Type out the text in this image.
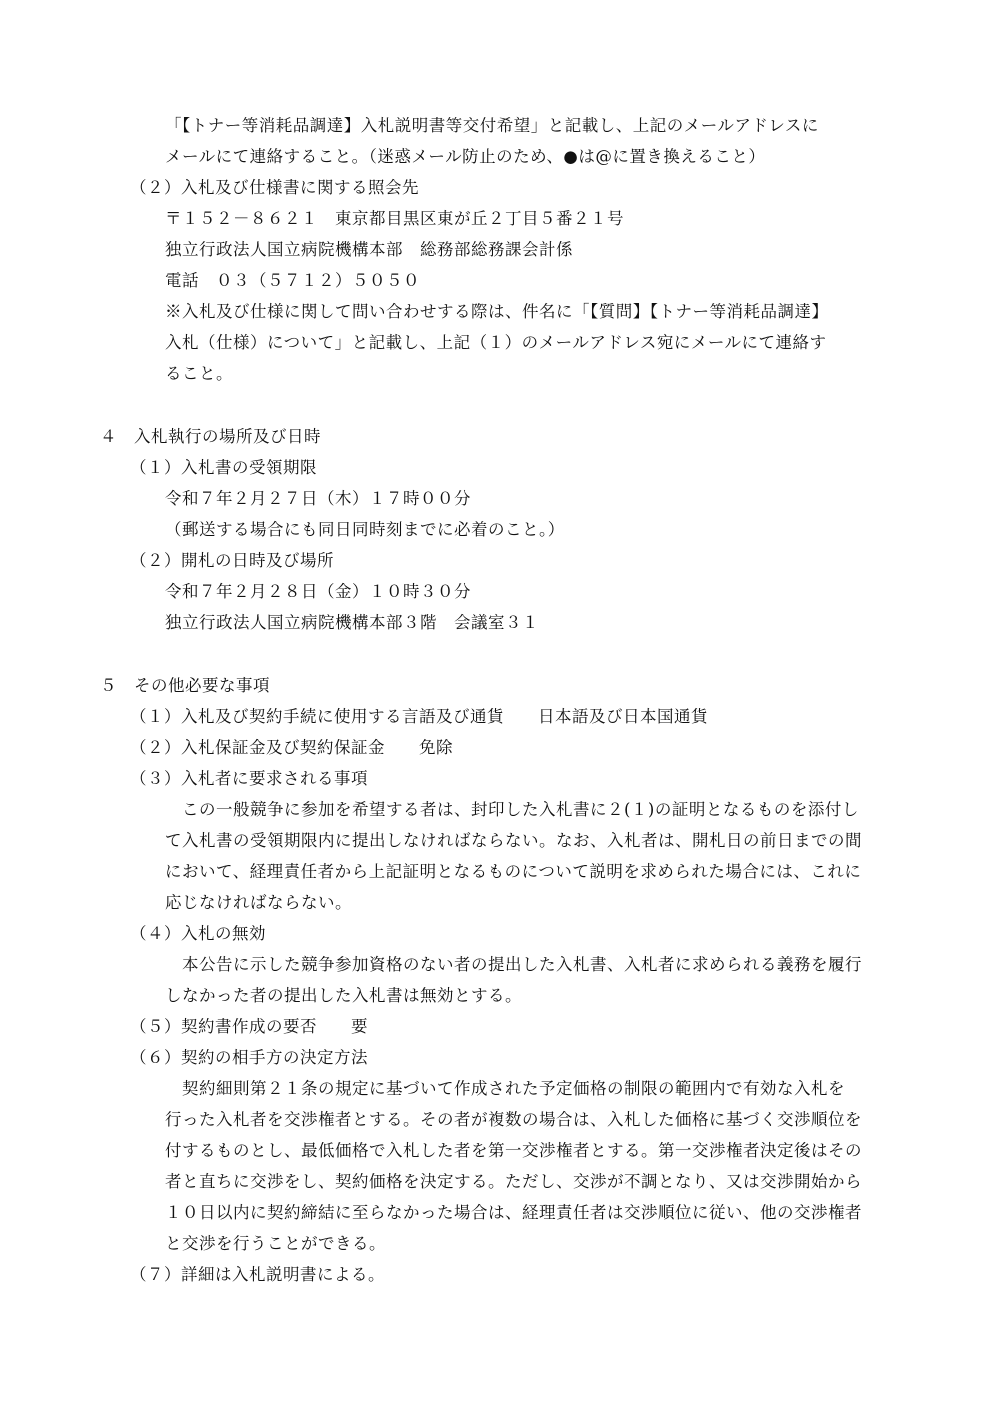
「【トナー等消耗品調達】入札説明書等交付希望」と記載し、上記のメールアドレスに
メールにて連絡すること。（迷惑メール防止のため、●は@に置き換えること）
（２）入札及び仕様書に関する照会先
〒１５２－８６２１　東京都目黒区東が丘２丁目５番２１号
独立行政法人国立病院機構本部　総務部総務課会計係
電話　０３（５７１２）５０５０
※入札及び仕様に関して問い合わせする際は、件名に「【質問】【トナー等消耗品調達】
入札（仕様）について」と記載し、上記（１）のメールアドレス宛にメールにて連絡す
ること。
４　入札執行の場所及び日時
（１）入札書の受領期限
令和７年２月２７日（木）１７時００分
（郵送する場合にも同日同時刻までに必着のこと。）
（２）開札の日時及び場所
令和７年２月２８日（金）１０時３０分
独立行政法人国立病院機構本部３階　会議室３１
５　その他必要な事項
（１）入札及び契約手続に使用する言語及び通貨　　日本語及び日本国通貨
（２）入札保証金及び契約保証金　　免除
（３）入札者に要求される事項
　この一般競争に参加を希望する者は、封印した入札書に２(１)の証明となるものを添付し
て入札書の受領期限内に提出しなければならない。なお、入札者は、開札日の前日までの間
において、経理責任者から上記証明となるものについて説明を求められた場合には、これに
応じなければならない。
（４）入札の無効
　本公告に示した競争参加資格のない者の提出した入札書、入札者に求められる義務を履行
しなかった者の提出した入札書は無効とする。
（５）契約書作成の要否　　要
（６）契約の相手方の決定方法
　契約細則第２１条の規定に基づいて作成された予定価格の制限の範囲内で有効な入札を
行った入札者を交渉権者とする。その者が複数の場合は、入札した価格に基づく交渉順位を
付するものとし、最低価格で入札した者を第一交渉権者とする。第一交渉権者決定後はその
者と直ちに交渉をし、契約価格を決定する。ただし、交渉が不調となり、又は交渉開始から
１０日以内に契約締結に至らなかった場合は、経理責任者は交渉順位に従い、他の交渉権者
と交渉を行うことができる。
（７）詳細は入札説明書による。
